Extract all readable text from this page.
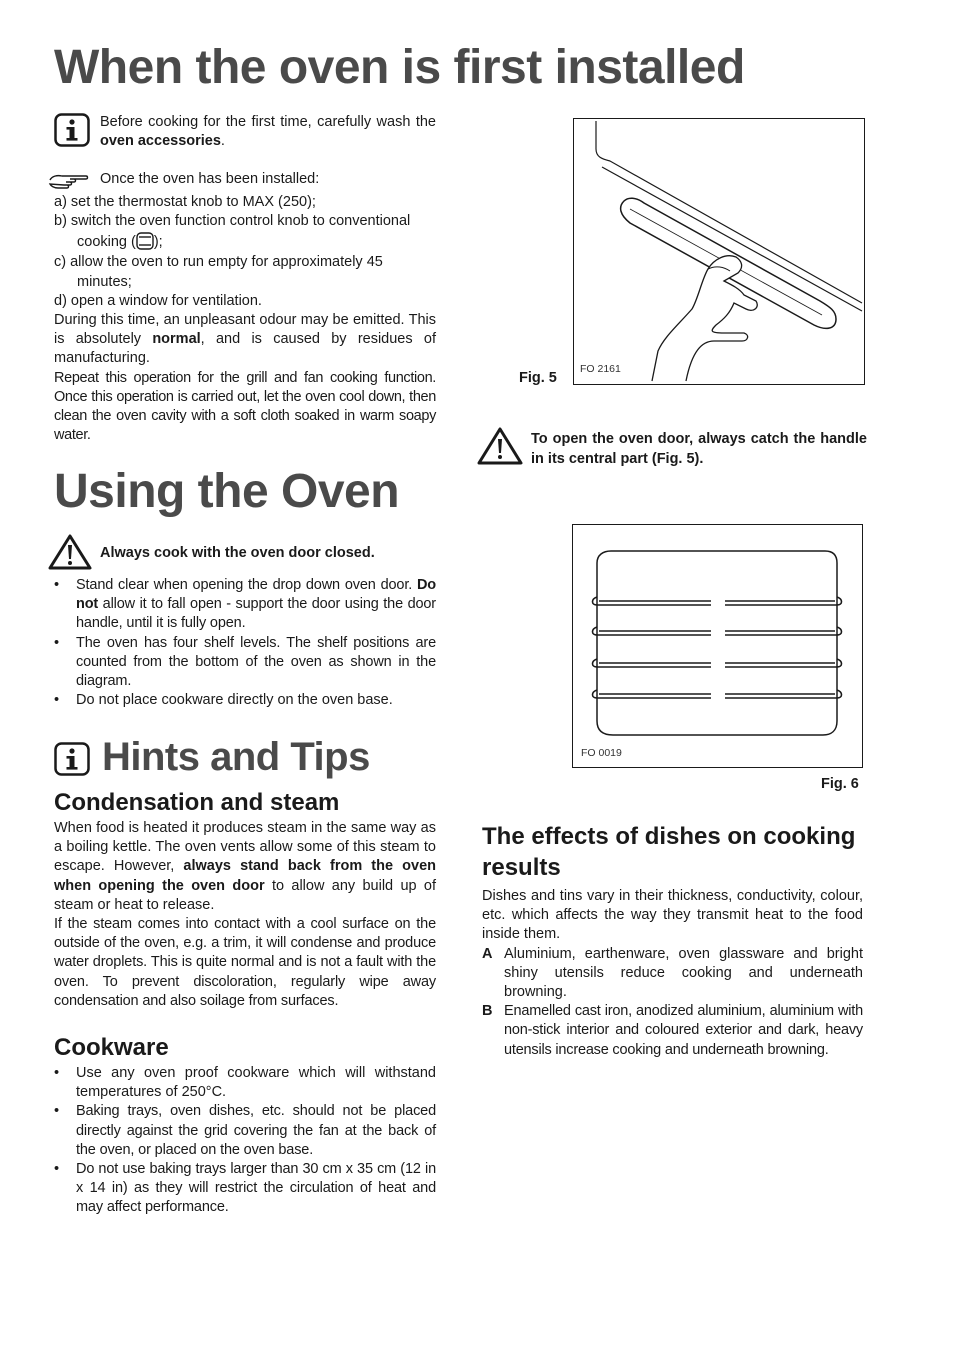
When the oven is first installed
Before cooking for the first time, carefully wash the oven accessories.
Once the oven has been installed:
a) set the thermostat knob to MAX (250);
b) switch the oven function control knob to conventional
cooking ( );
c) allow the oven to run empty for approximately 45
minutes;
d) open a window for ventilation.
During this time, an unpleasant odour may be emitted. This is absolutely normal, and is caused by residues of manufacturing.
Repeat this operation for the grill and fan cooking function. Once this operation is carried out, let the oven cool down, then clean the oven cavity with a soft cloth soaked in warm soapy water.
Using the Oven
Always cook with the oven door closed.
• Stand clear when opening the drop down oven door. Do not allow it to fall open - support the door using the door handle, until it is fully open.
• The oven has four shelf levels. The shelf positions are counted from the bottom of the oven as shown in the diagram.
• Do not place cookware directly on the oven base.
Hints and Tips
Condensation and steam
When food is heated it produces steam in the same way as a boiling kettle. The oven vents allow some of this steam to escape. However, always stand back from the oven when opening the oven door to allow any build up of steam or heat to release.
If the steam comes into contact with a cool surface on the outside of the oven, e.g. a trim, it will condense and produce water droplets. This is quite normal and is not a fault with the oven. To prevent discoloration, regularly wipe away condensation and also soilage from surfaces.
Cookware
• Use any oven proof cookware which will withstand temperatures of 250°C.
• Baking trays, oven dishes, etc. should not be placed directly against the grid covering the fan at the back of the oven, or placed on the oven base.
• Do not use baking trays larger than 30 cm x 35 cm (12 in x 14 in) as they will restrict the circulation of heat and may affect performance.
FO 2161
Fig. 5
To open the oven door, always catch the handle in its central part (Fig. 5).
FO 0019
Fig. 6
The effects of dishes on cooking results
Dishes and tins vary in their thickness, conductivity, colour, etc. which affects the way they transmit heat to the food inside them.
A Aluminium, earthenware, oven glassware and bright shiny utensils reduce cooking and underneath browning.
B Enamelled cast iron, anodized aluminium, aluminium with non-stick interior and coloured exterior and dark, heavy utensils increase cooking and underneath browning.
